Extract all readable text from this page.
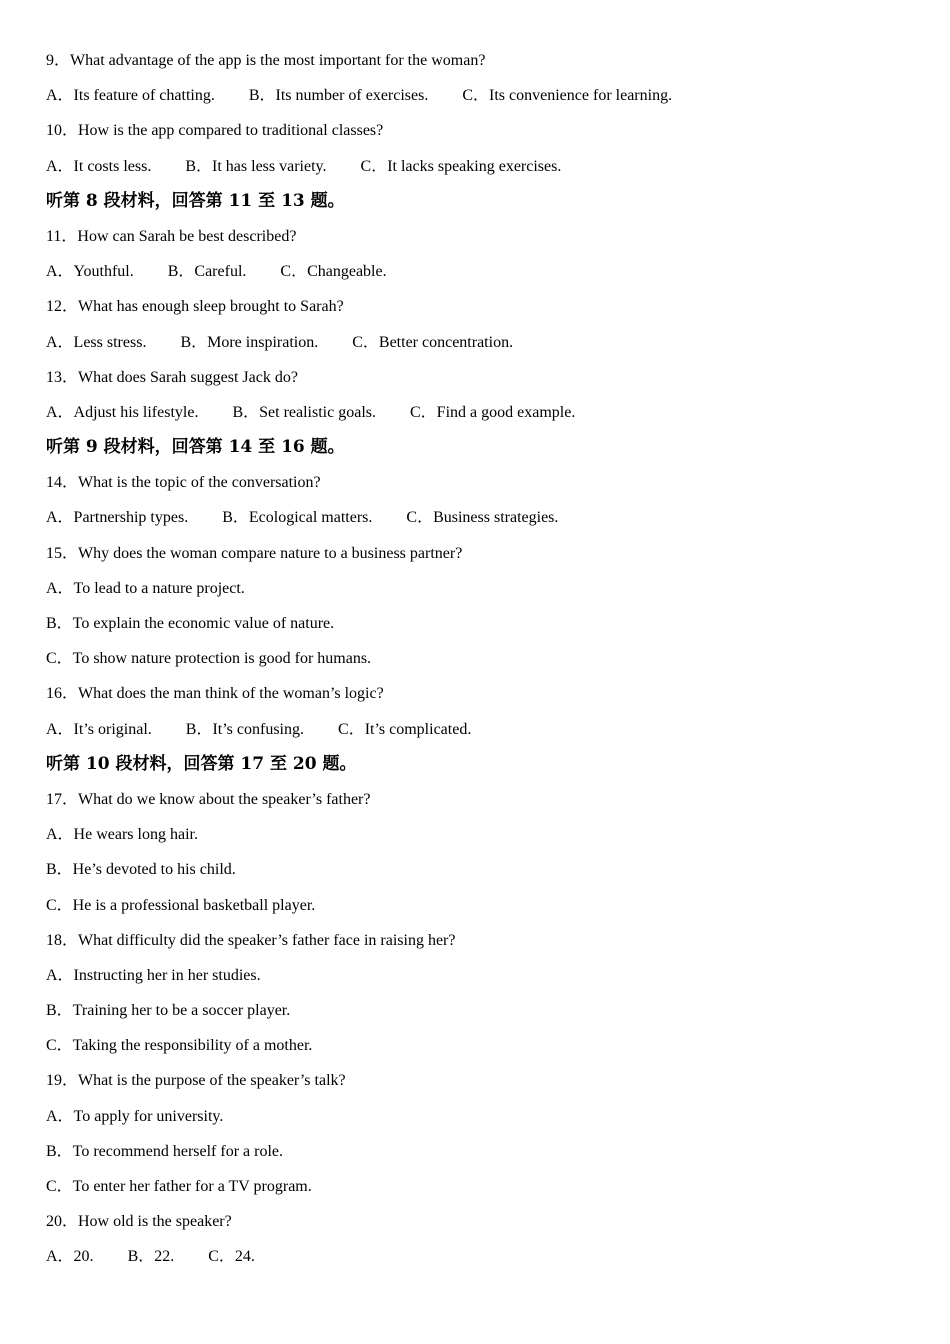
9．What advantage of the app is the most important for the woman?
A．Its feature of chatting. B．Its number of exercises. C．Its convenience for learning.
10．How is the app compared to traditional classes?
A．It costs less. B．It has less variety. C．It lacks speaking exercises.
听第 8 段材料，回答第 11 至 13 题。
11．How can Sarah be best described?
A．Youthful. B．Careful. C．Changeable.
12．What has enough sleep brought to Sarah?
A．Less stress. B．More inspiration. C．Better concentration.
13．What does Sarah suggest Jack do?
A．Adjust his lifestyle. B．Set realistic goals. C．Find a good example.
听第 9 段材料，回答第 14 至 16 题。
14．What is the topic of the conversation?
A．Partnership types. B．Ecological matters. C．Business strategies.
15．Why does the woman compare nature to a business partner?
A．To lead to a nature project.
B．To explain the economic value of nature.
C．To show nature protection is good for humans.
16．What does the man think of the woman’s logic?
A．It’s original. B．It’s confusing. C．It’s complicated.
听第 10 段材料，回答第 17 至 20 题。
17．What do we know about the speaker’s father?
A．He wears long hair.
B．He’s devoted to his child.
C．He is a professional basketball player.
18．What difficulty did the speaker’s father face in raising her?
A．Instructing her in her studies.
B．Training her to be a soccer player.
C．Taking the responsibility of a mother.
19．What is the purpose of the speaker’s talk?
A．To apply for university.
B．To recommend herself for a role.
C．To enter her father for a TV program.
20．How old is the speaker?
A．20. B．22. C．24.
